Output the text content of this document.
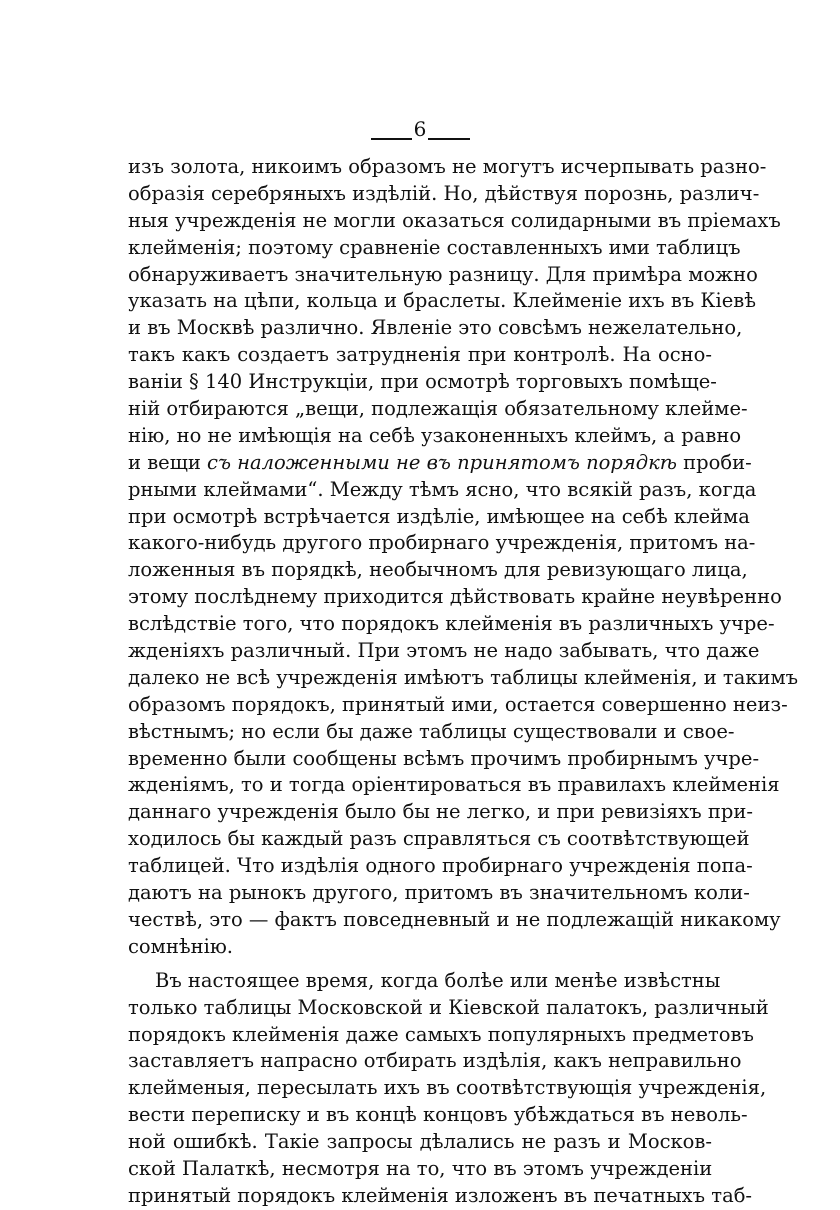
6
изъ золота, никоимъ образомъ не могутъ исчерпывать разно-
образія серебряныхъ издѣлій. Но, дѣйствуя порознь, различ-
ныя учрежденія не могли оказаться солидарными въ пріемахъ
клейменія; поэтому сравненіе составленныхъ ими таблицъ
обнаруживаетъ значительную разницу. Для примѣра можно
указать на цѣпи, кольца и браслеты. Клейменіе ихъ въ Кіевѣ
и въ Москвѣ различно. Явленіе это совсѣмъ нежелательно,
такъ какъ создаетъ затрудненія при контролѣ. На осно-
ваніи § 140 Инструкціи, при осмотрѣ торговыхъ помѣще-
ній отбираются „вещи, подлежащія обязательному клейме-
нію, но не имѣющія на себѣ узаконенныхъ клеймъ, а равно
и вещи съ наложенными не въ принятомъ порядкѣ проби-
рными клеймами“. Между тѣмъ ясно, что всякій разъ, когда
при осмотрѣ встрѣчается издѣліе, имѣющее на себѣ клейма
какого-нибудь другого пробирнаго учрежденія, притомъ на-
ложенныя въ порядкѣ, необычномъ для ревизующаго лица,
этому послѣднему приходится дѣйствовать крайне неувѣренно
вслѣдствіе того, что порядокъ клейменія въ различныхъ учре-
жденіяхъ различный. При этомъ не надо забывать, что даже
далеко не всѣ учрежденія имѣютъ таблицы клейменія, и такимъ
образомъ порядокъ, принятый ими, остается совершенно неиз-
вѣстнымъ; но если бы даже таблицы существовали и свое-
временно были сообщены всѣмъ прочимъ пробирнымъ учре-
жденіямъ, то и тогда оріентироваться въ правилахъ клейменія
даннаго учрежденія было бы не легко, и при ревизіяхъ при-
ходилось бы каждый разъ справляться съ соотвѣтствующей
таблицей. Что издѣлія одного пробирнаго учрежденія попа-
даютъ на рынокъ другого, притомъ въ значительномъ коли-
чествѣ, это — фактъ повседневный и не подлежащій никакому
сомнѣнію.
Въ настоящее время, когда болѣе или менѣе извѣстны
только таблицы Московской и Кіевской палатокъ, различный
порядокъ клейменія даже самыхъ популярныхъ предметовъ
заставляетъ напрасно отбирать издѣлія, какъ неправильно
клейменыя, пересылать ихъ въ соотвѣтствующія учрежденія,
вести переписку и въ концѣ концовъ убѣждаться въ неволь-
ной ошибкѣ. Такіе запросы дѣлались не разъ и Москов-
ской Палаткѣ, несмотря на то, что въ этомъ учрежденіи
принятый порядокъ клейменія изложенъ въ печатныхъ таб-
